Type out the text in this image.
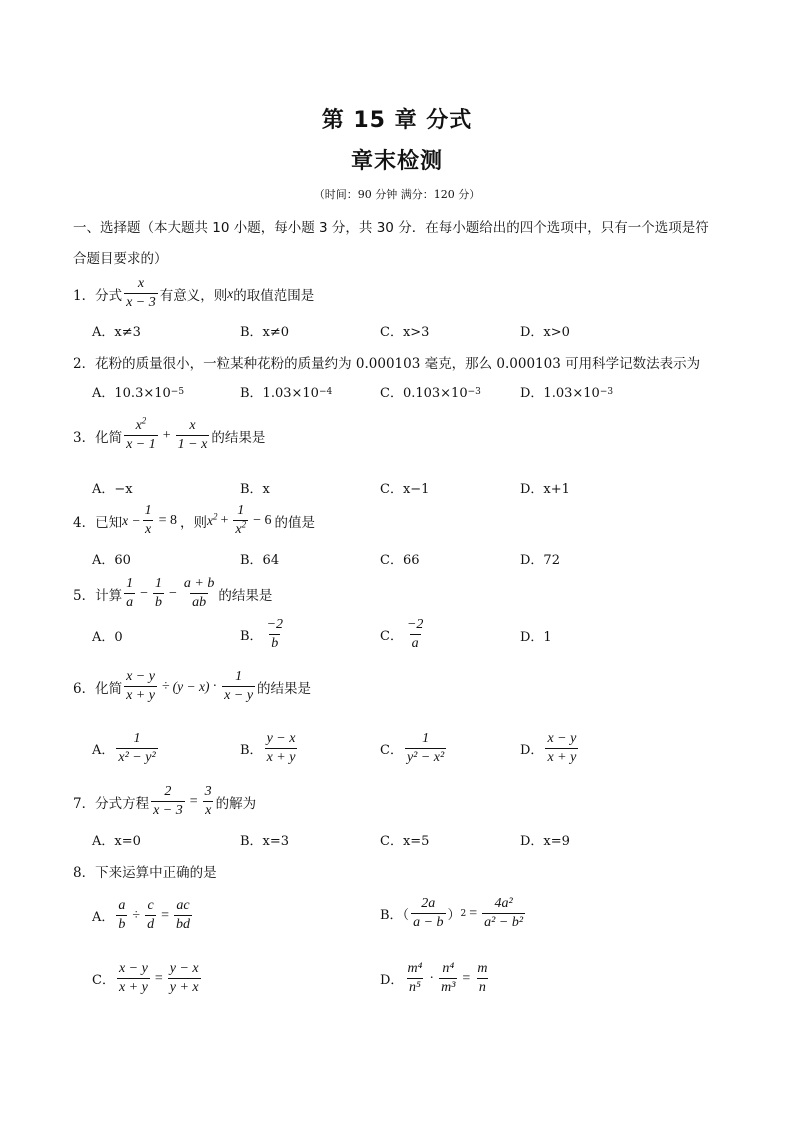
第 15 章 分式
章末检测
（时间：90 分钟 满分：120 分）
一、选择题（本大题共 10 小题，每小题 3 分，共 30 分．在每小题给出的四个选项中，只有一个选项是符
合题目要求的）
1． 分式 $\frac{x}{x - 3}$ 有意义，则 x 的取值范围是
A．x≠3	B．x≠0	C．x>3	D．x>0
2． 花粉的质量很小，一粒某种花粉的质量约为 0.000103 毫克，那么 0.000103 可用科学记数法表示为
A．10.3×10 −5	B．1.03×10 −4	C．0.103×10 −3	D．1.03×10 −3
3． 化简 $\frac{x^2}{x - 1} + \frac{x}{1 - x}$ 的结果是
A．−x	B．x	C．x−1	D．x+1
4． 已知 $x - \frac{1}{x} = 8$ ，则 $x^2 + \frac{1}{x^2} - 6$ 的值是
A．60	B．64	C．66	D．72
5． 计算 $\frac{1}{a} - \frac{1}{b} - \frac{a + b}{ab}$ 的结果是
A．0	B． $\frac{-2}{b}$	C． $\frac{-2}{a}$	D．1
6． 化简 $\frac{x - y}{x + y} \div (y - x) \cdot \frac{1}{x - y}$ 的结果是
A． $\frac{1}{\text{x² − y²}}$	B． $\frac{y - x}{x + y}$	C． $\frac{1}{\text{y² − x²}}$	D． $\frac{x - y}{x + y}$
7． 分式方程 $\frac{2}{x - 3} = \frac{3}{x}$ 的解为
A．x=0	B．x=3	C．x=5	D．x=9
8． 下来运算中正确的是
A． $\frac{a}{b} \div \frac{c}{d} = \frac{ac}{bd}$	B．（ $\frac{2a}{a - b}$ ） $2 = \frac{\text{4a²}}{\text{a² − b²}}$
C． $\frac{x - y}{x + y} = \frac{y - x}{y + x}$	D． $\frac{\text{m⁴}}{\text{n⁵}} \cdot \frac{\text{n⁴}}{\text{m³}} = \frac{m}{n}$
